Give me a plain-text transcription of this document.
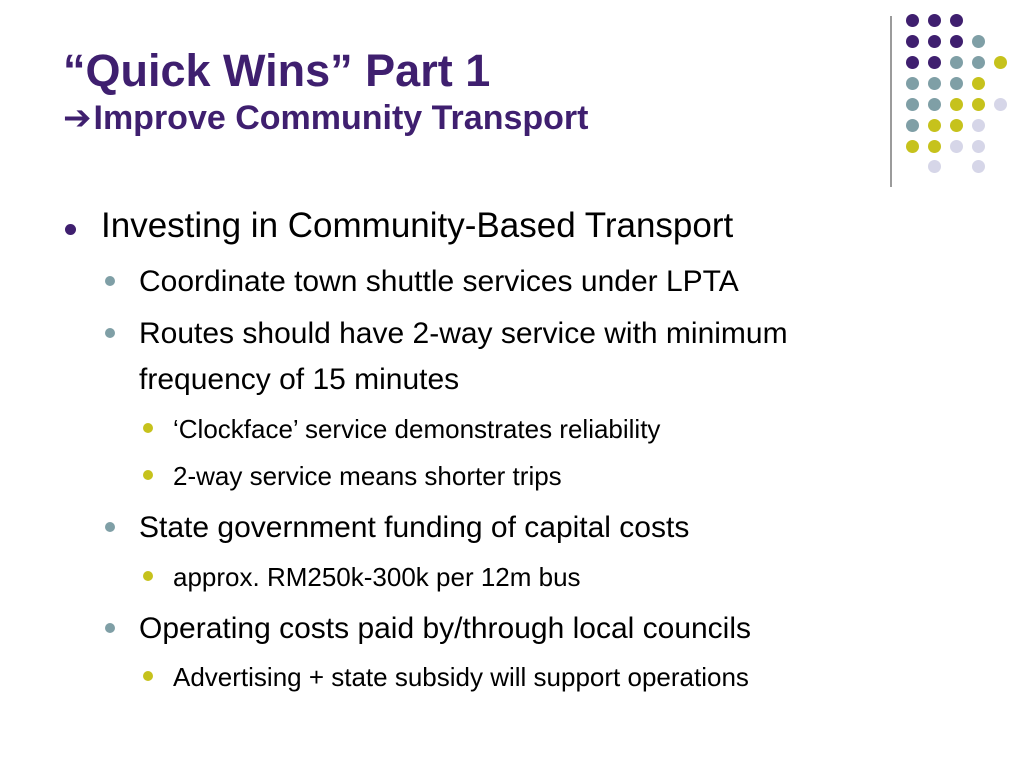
“Quick Wins” Part 1
➔Improve Community Transport
Investing in Community-Based Transport
Coordinate town shuttle services under LPTA
Routes should have 2-way service with minimum
frequency of 15 minutes
‘Clockface’ service demonstrates reliability
2-way service means shorter trips
State government funding of capital costs
approx. RM250k-300k per 12m bus
Operating costs paid by/through local councils
Advertising + state subsidy will support operations
